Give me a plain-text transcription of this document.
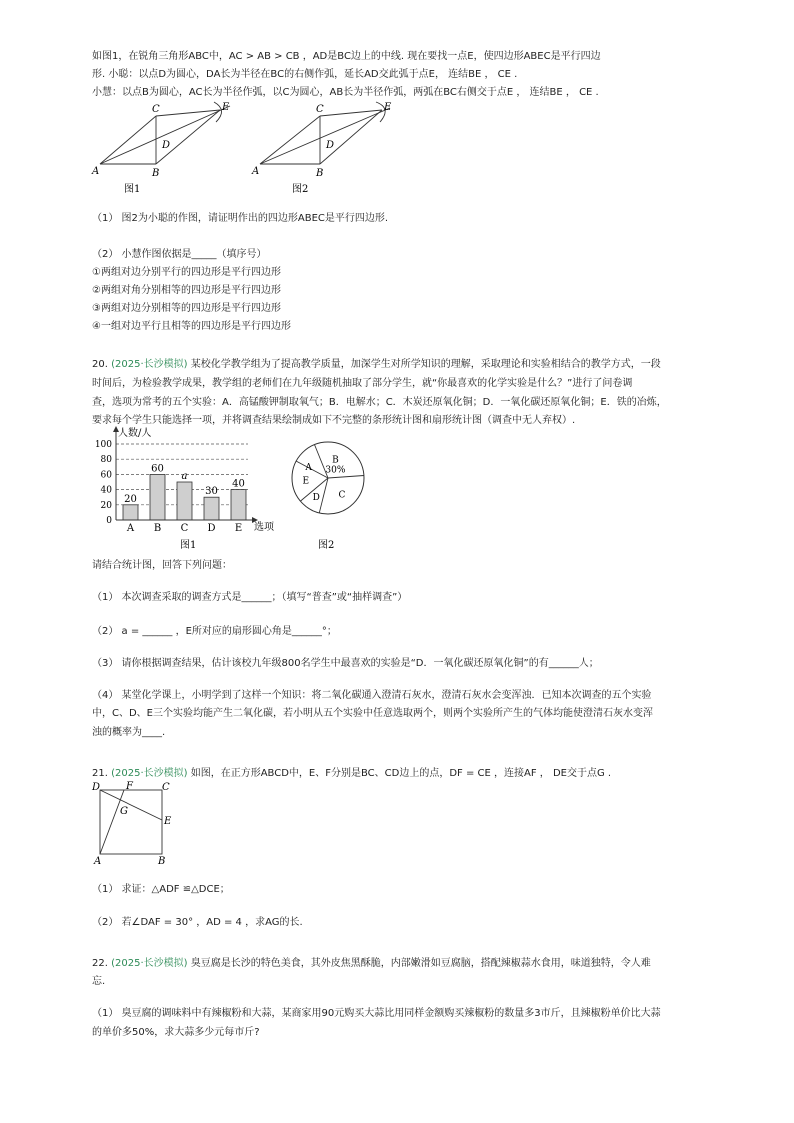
如图1，在锐角三角形ABC中，AC > AB > CB ，AD是BC边上的中线. 现在要找一点E，使四边形ABEC是平行四边
形. 小聪：以点D为圆心，DA长为半径在BC的右侧作弧，延长AD交此弧于点E， 连结BE ， CE .
小慧：以点B为圆心，AC长为半径作弧，以C为圆心，AB长为半径作弧，两弧在BC右侧交于点E ， 连结BE ， CE .
A	B
C
D
E
图1
A	B
C
D
E
图2
（1） 图2为小聪的作图，请证明作出的四边形ABEC是平行四边形.
（2） 小慧作图依据是_____（填序号）
①两组对边分别平行的四边形是平行四边形
②两组对角分别相等的四边形是平行四边形
③两组对边分别相等的四边形是平行四边形
④一组对边平行且相等的四边形是平行四边形
20. (2025·长沙模拟) 某校化学教学组为了提高教学质量，加深学生对所学知识的理解，采取理论和实验相结合的教学方式，一段
时间后，为检验教学成果，教学组的老师们在九年级随机抽取了部分学生，就“你最喜欢的化学实验是什么？”进行了问卷调
查，选项为常考的五个实验：A．高锰酸钾制取氧气；B．电解水；C．木炭还原氧化铜；D．一氧化碳还原氧化铜；E．铁的冶炼，
要求每个学生只能选择一项，并将调查结果绘制成如下不完整的条形统计图和扇形统计图（调查中无人弃权）.
0
20
40
60
80
100
A B C D E
20
60
a
30
40
人数/人
选项
图1
A
B
C
D
E
30%
图2
请结合统计图，回答下列问题：
（1） 本次调查采取的调查方式是______；（填写“普查”或“抽样调查”）
（2） a = ______ ，E所对应的扇形圆心角是______°；
（3） 请你根据调查结果，估计该校九年级800名学生中最喜欢的实验是“D．一氧化碳还原氧化铜”的有______人；
（4） 某堂化学课上，小明学到了这样一个知识：将二氧化碳通入澄清石灰水，澄清石灰水会变浑浊．已知本次调查的五个实验
中，C、D、E三个实验均能产生二氧化碳，若小明从五个实验中任意选取两个，则两个实验所产生的气体均能使澄清石灰水变浑
浊的概率为____.
21. (2025·长沙模拟) 如图，在正方形ABCD中，E、F分别是BC、CD边上的点，DF = CE ，连接AF ， DE交于点G .
D	C
F
G
E
A	B
（1） 求证：△ADF ≌△DCE；
（2） 若∠DAF = 30° ，AD = 4 ，求AG的长.
22. (2025·长沙模拟) 臭豆腐是长沙的特色美食，其外皮焦黑酥脆，内部嫩滑如豆腐脑，搭配辣椒蒜水食用，味道独特，令人难
忘.
（1） 臭豆腐的调味料中有辣椒粉和大蒜，某商家用90元购买大蒜比用同样金额购买辣椒粉的数量多3市斤，且辣椒粉单价比大蒜
的单价多50%，求大蒜多少元每市斤?
